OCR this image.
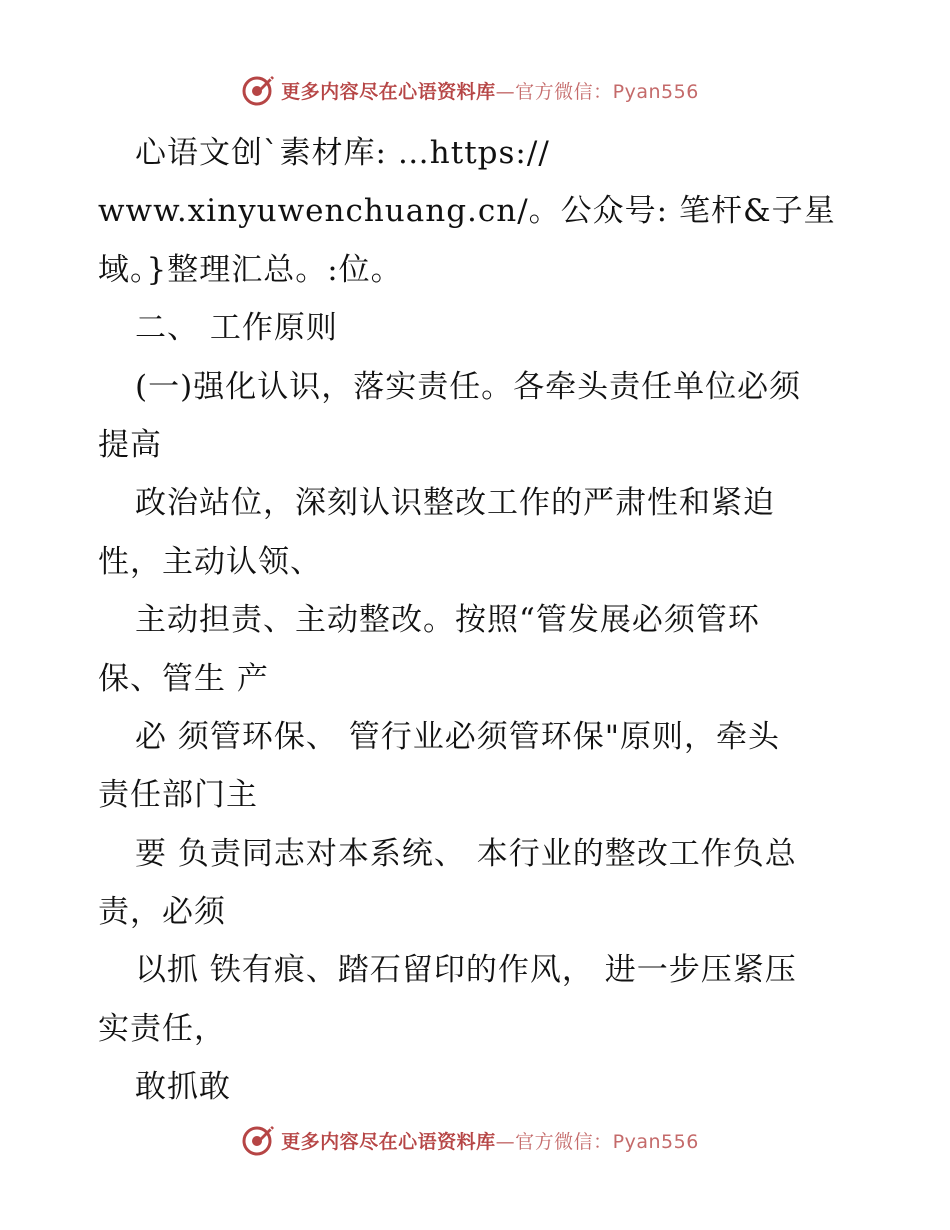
更多内容尽在心语资料库—官方微信：Pyan556
心语文创`素材库: …https://
www.xinyuwenchuang.cn/。公众号: 笔杆&子星
域。}整理汇总。:位。
二、 工作原则
(一)强化认识，落实责任。各牵头责任单位必须
提高
政治站位，深刻认识整改工作的严肃性和紧迫
性，主动认领、
主动担责、主动整改。按照“管发展必须管环
保、管生 产
必 须管环保、 管行业必须管环保"原则，牵头
责任部门主
要 负责同志对本系统、 本行业的整改工作负总
责，必须
以抓 铁有痕、踏石留印的作风， 进一步压紧压
实责任，
敢抓敢
更多内容尽在心语资料库—官方微信：Pyan556
